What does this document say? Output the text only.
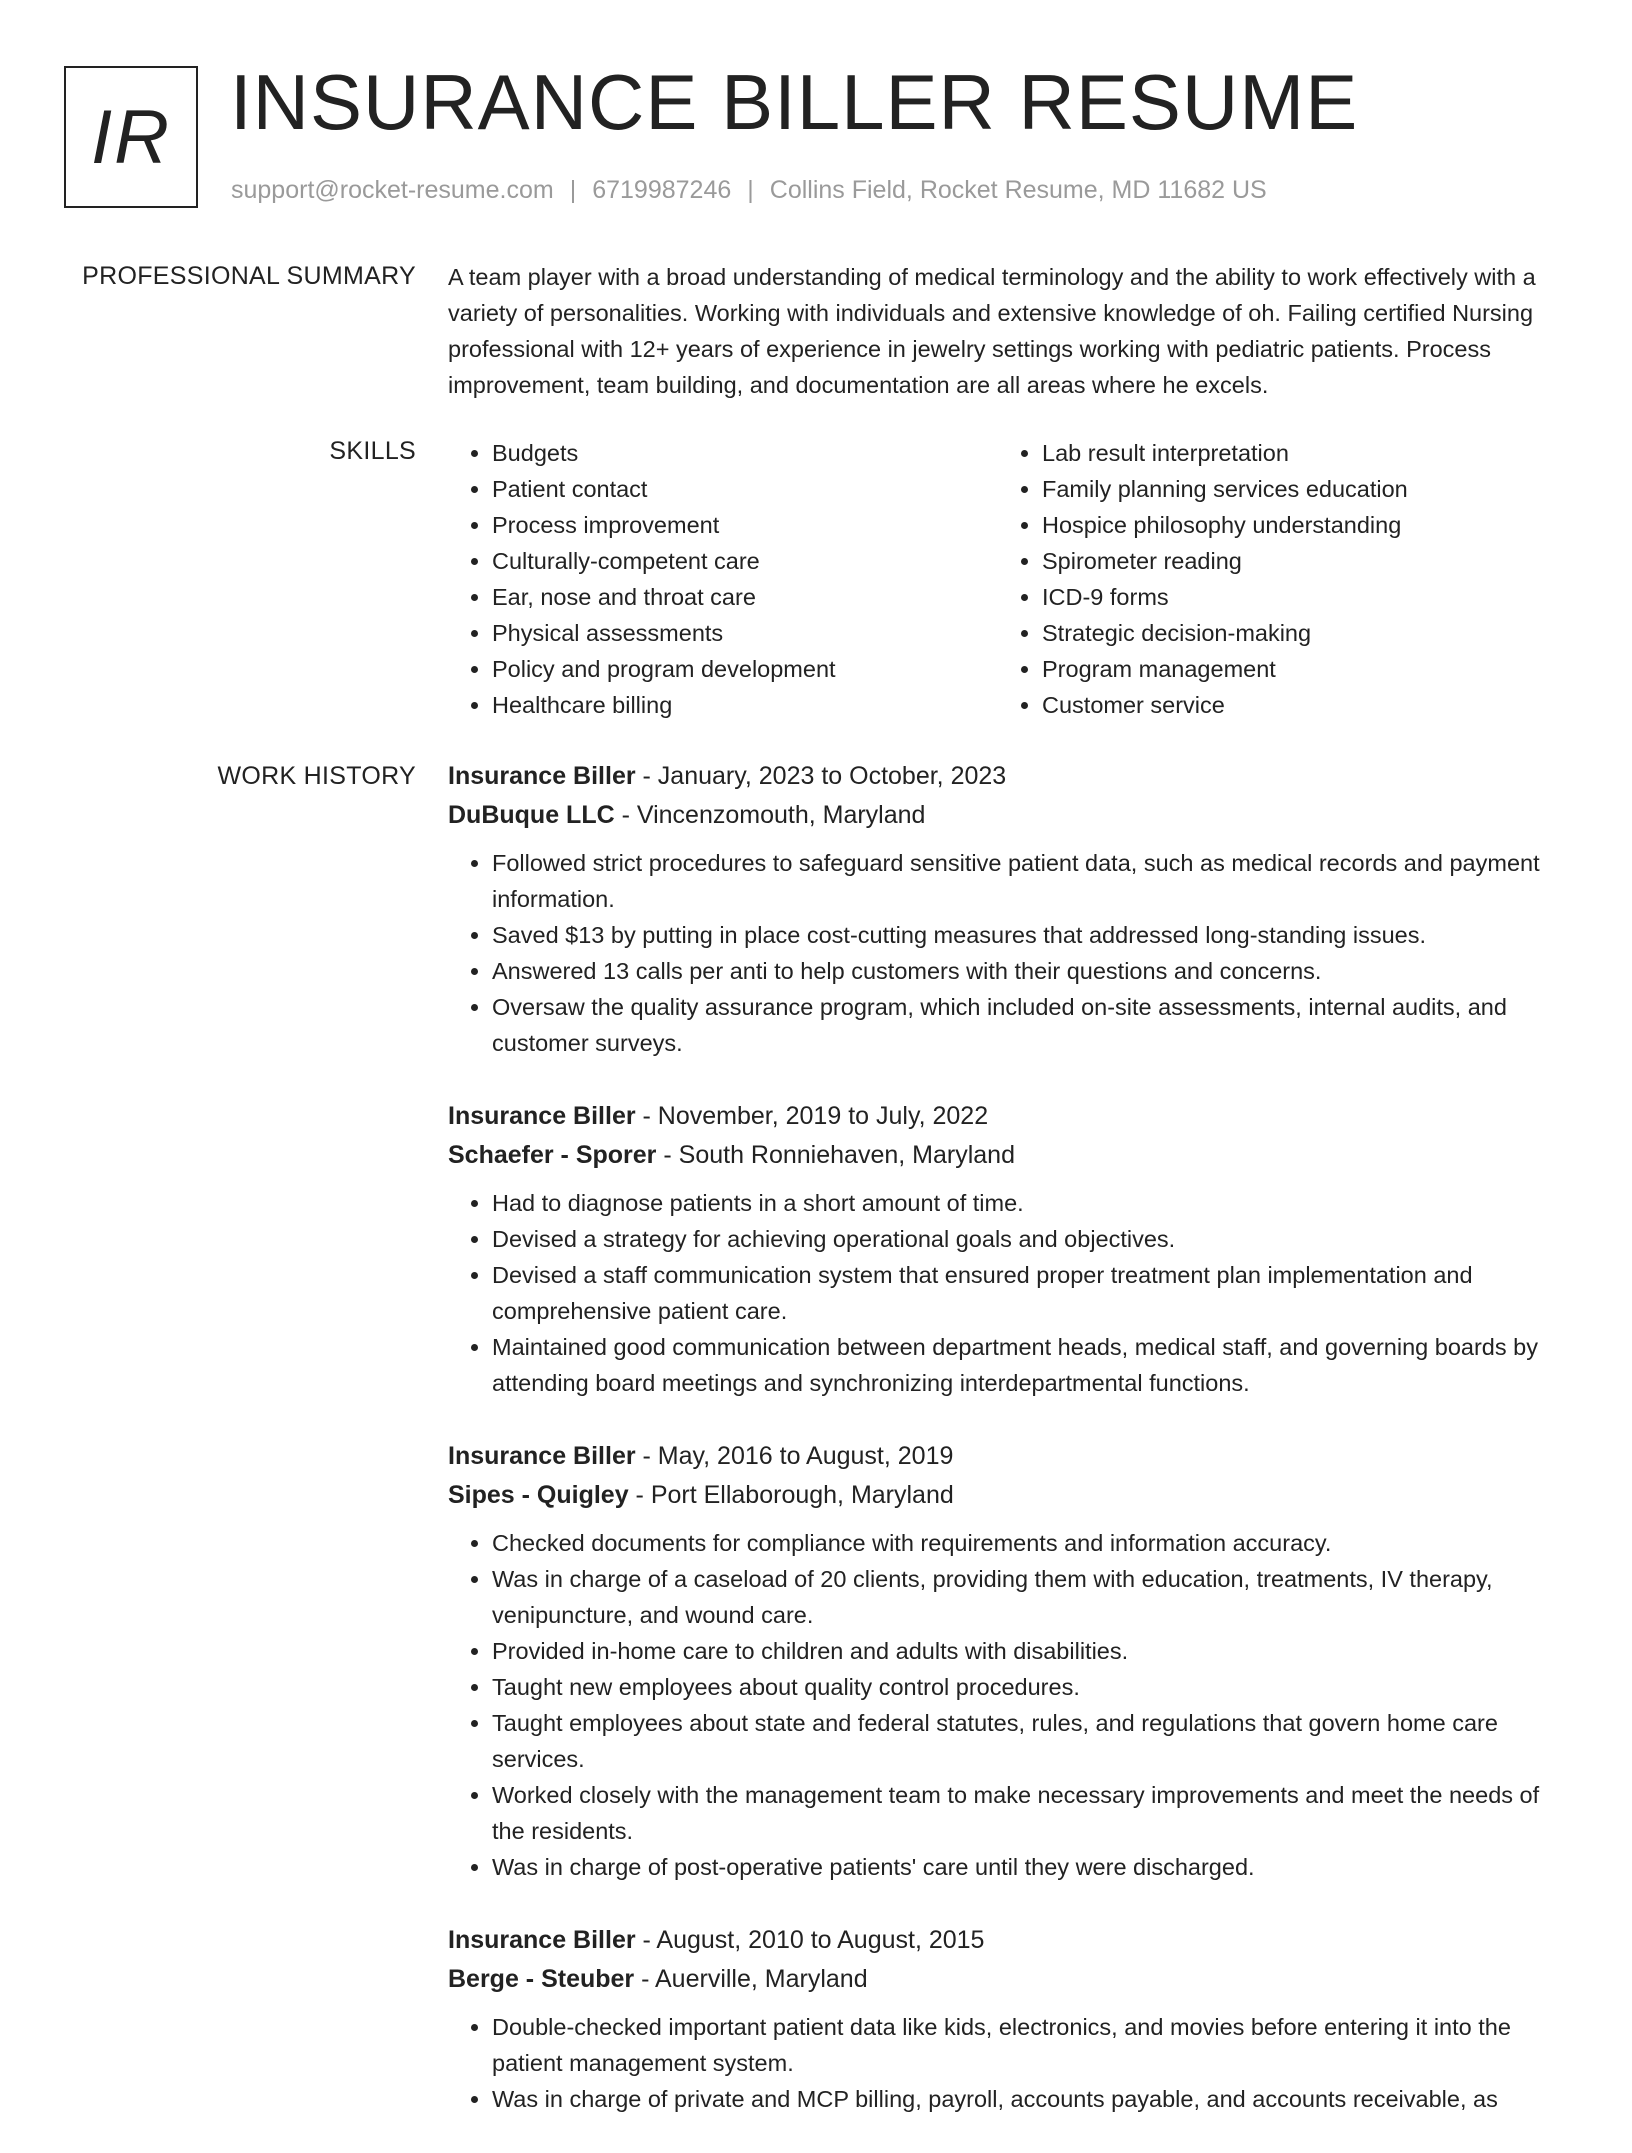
IR INSURANCE BILLER RESUME
support@rocket-resume.com | 6719987246 | Collins Field, Rocket Resume, MD 11682 US
PROFESSIONAL SUMMARY A team player with a broad understanding of medical terminology and the ability to work effectively with a variety of personalities. Working with individuals and extensive knowledge of oh. Failing certified Nursing professional with 12+ years of experience in jewelry settings working with pediatric patients. Process improvement, team building, and documentation are all areas where he excels.

SKILLS
•	Budgets
• Patient contact
• Process improvement
• Culturally-competent care
• Ear, nose and throat care
• Physical assessments
• Policy and program development
• Healthcare billing
• Lab result interpretation
• Family planning services education
• Hospice philosophy understanding
• Spirometer reading
• ICD-9 forms
• Strategic decision-making
• Program management
• Customer service
WORK HISTORY Insurance Biller - January, 2023 to October, 2023
DuBuque LLC - Vincenzomouth, Maryland
• Followed strict procedures to safeguard sensitive patient data, such as medical records and payment information.
• Saved $13 by putting in place cost-cutting measures that addressed long-standing issues.
• Answered 13 calls per anti to help customers with their questions and concerns.
• Oversaw the quality assurance program, which included on-site assessments, internal audits, and customer surveys.
Insurance Biller - November, 2019 to July, 2022
Schaefer - Sporer - South Ronniehaven, Maryland
• Had to diagnose patients in a short amount of time.
• Devised a strategy for achieving operational goals and objectives.
• Devised a staff communication system that ensured proper treatment plan implementation and comprehensive patient care.
• Maintained good communication between department heads, medical staff, and governing boards by attending board meetings and synchronizing interdepartmental functions.
Insurance Biller - May, 2016 to August, 2019
Sipes - Quigley - Port Ellaborough, Maryland
• Checked documents for compliance with requirements and information accuracy.
• Was in charge of a caseload of 20 clients, providing them with education, treatments, IV therapy, venipuncture, and wound care.
• Provided in-home care to children and adults with disabilities.
• Taught new employees about quality control procedures.
• Taught employees about state and federal statutes, rules, and regulations that govern home care services.
• Worked closely with the management team to make necessary improvements and meet the needs of the residents.
• Was in charge of post-operative patients' care until they were discharged.
Insurance Biller - August, 2010 to August, 2015
Berge - Steuber - Auerville, Maryland
• Double-checked important patient data like kids, electronics, and movies before entering it into the patient management system.
• Was in charge of private and MCP billing, payroll, accounts payable, and accounts receivable, as
